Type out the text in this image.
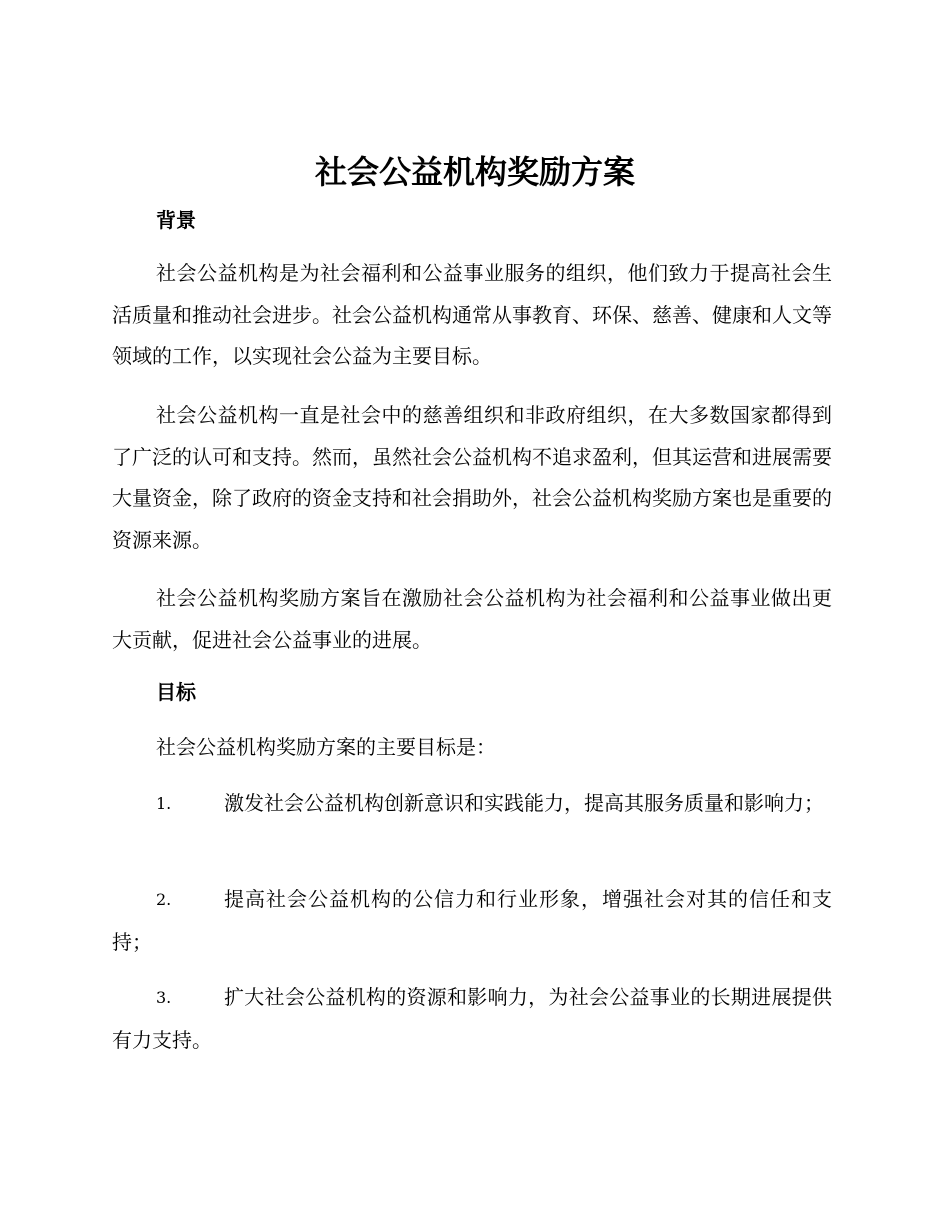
社会公益机构奖励方案
背景

社会公益机构是为社会福利和公益事业服务的组织，他们致力于提高社会生活质量和推动社会进步。社会公益机构通常从事教育、环保、慈善、健康和人文等领域的工作，以实现社会公益为主要目标。

社会公益机构一直是社会中的慈善组织和非政府组织，在大多数国家都得到了广泛的认可和支持。然而，虽然社会公益机构不追求盈利，但其运营和进展需要大量资金，除了政府的资金支持和社会捐助外，社会公益机构奖励方案也是重要的资源来源。

社会公益机构奖励方案旨在激励社会公益机构为社会福利和公益事业做出更大贡献，促进社会公益事业的进展。

目标

社会公益机构奖励方案的主要目标是：

1.	激发社会公益机构创新意识和实践能力，提高其服务质量和影响力；
2.	提高社会公益机构的公信力和行业形象，增强社会对其的信任和支持；
3.	扩大社会公益机构的资源和影响力，为社会公益事业的长期进展提供有力支持。
